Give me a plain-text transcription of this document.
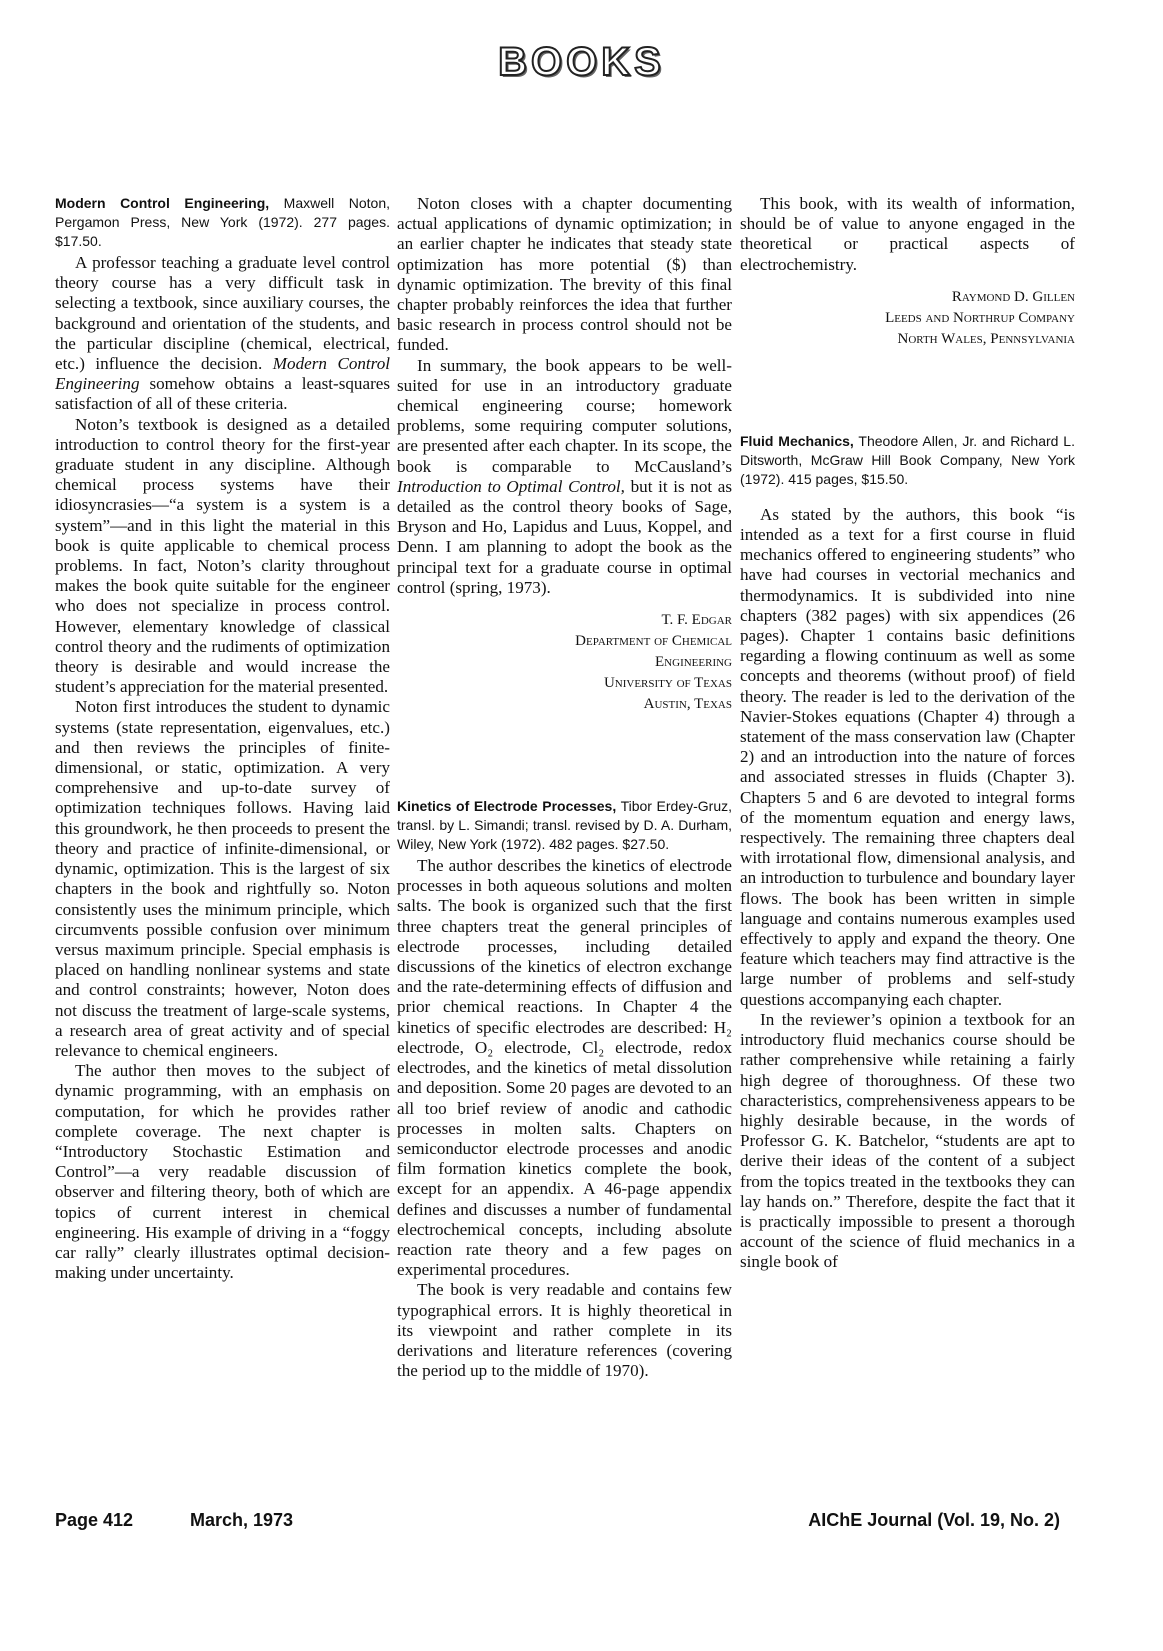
BOOKS

Modern Control Engineering, Maxwell Noton, Pergamon Press, New York (1972). 277 pages. $17.50.

A professor teaching a graduate level control theory course has a very difficult task in selecting a textbook, since auxiliary courses, the background and orientation of the students, and the particular discipline (chemical, electrical, etc.) influence the decision. Modern Control Engineering somehow obtains a least-squares satisfaction of all of these criteria.

Noton’s textbook is designed as a detailed introduction to control theory for the first-year graduate student in any discipline. Although chemical process systems have their idiosyncrasies—“a system is a system is a system”—and in this light the material in this book is quite applicable to chemical process problems. In fact, Noton’s clarity throughout makes the book quite suitable for the engineer who does not specialize in process control. However, elementary knowledge of classical control theory and the rudiments of optimization theory is desirable and would increase the student’s appreciation for the material presented.

Noton first introduces the student to dynamic systems (state representation, eigenvalues, etc.) and then reviews the principles of finite-dimensional, or static, optimization. A very comprehensive and up-to-date survey of optimization techniques follows. Having laid this groundwork, he then proceeds to present the theory and practice of infinite-dimensional, or dynamic, optimization. This is the largest of six chapters in the book and rightfully so. Noton consistently uses the minimum principle, which circumvents possible confusion over minimum versus maximum principle. Special emphasis is placed on handling nonlinear systems and state and control constraints; however, Noton does not discuss the treatment of large-scale systems, a research area of great activity and of special relevance to chemical engineers.

The author then moves to the subject of dynamic programming, with an emphasis on computation, for which he provides rather complete coverage. The next chapter is “Introductory Stochastic Estimation and Control”—a very readable discussion of observer and filtering theory, both of which are topics of current interest in chemical engineering. His example of driving in a “foggy car rally” clearly illustrates optimal decision-making under uncertainty.

Noton closes with a chapter documenting actual applications of dynamic optimization; in an earlier chapter he indicates that steady state optimization has more potential ($) than dynamic optimization. The brevity of this final chapter probably reinforces the idea that further basic research in process control should not be funded.

In summary, the book appears to be well-suited for use in an introductory graduate chemical engineering course; homework problems, some requiring computer solutions, are presented after each chapter. In its scope, the book is comparable to McCausland’s Introduction to Optimal Control, but it is not as detailed as the control theory books of Sage, Bryson and Ho, Lapidus and Luus, Koppel, and Denn. I am planning to adopt the book as the principal text for a graduate course in optimal control (spring, 1973).

T. F. Edgar

Department of Chemical

Engineering

University of Texas

Austin, Texas

Kinetics of Electrode Processes, Tibor Erdey-Gruz, transl. by L. Simandi; transl. revised by D. A. Durham, Wiley, New York (1972). 482 pages. $27.50.

The author describes the kinetics of electrode processes in both aqueous solutions and molten salts. The book is organized such that the first three chapters treat the general principles of electrode processes, including detailed discussions of the kinetics of electron exchange and the rate-determining effects of diffusion and prior chemical reactions. In Chapter 4 the kinetics of specific electrodes are described: H₂ electrode, O₂ electrode, Cl₂ electrode, redox electrodes, and the kinetics of metal dissolution and deposition. Some 20 pages are devoted to an all too brief review of anodic and cathodic processes in molten salts. Chapters on semiconductor electrode processes and anodic film formation kinetics complete the book, except for an appendix. A 46-page appendix defines and discusses a number of fundamental electrochemical concepts, including absolute reaction rate theory and a few pages on experimental procedures.

The book is very readable and contains few typographical errors. It is highly theoretical in its viewpoint and rather complete in its derivations and literature references (covering the period up to the middle of 1970).

This book, with its wealth of information, should be of value to anyone engaged in the theoretical or practical aspects of electrochemistry.

Raymond D. Gillen

Leeds and Northrup Company

North Wales, Pennsylvania

Fluid Mechanics, Theodore Allen, Jr. and Richard L. Ditsworth, McGraw Hill Book Company, New York (1972). 415 pages, $15.50.

As stated by the authors, this book “is intended as a text for a first course in fluid mechanics offered to engineering students” who have had courses in vectorial mechanics and thermodynamics. It is subdivided into nine chapters (382 pages) with six appendices (26 pages). Chapter 1 contains basic definitions regarding a flowing continuum as well as some concepts and theorems (without proof) of field theory. The reader is led to the derivation of the Navier-Stokes equations (Chapter 4) through a statement of the mass conservation law (Chapter 2) and an introduction into the nature of forces and associated stresses in fluids (Chapter 3). Chapters 5 and 6 are devoted to integral forms of the momentum equation and energy laws, respectively. The remaining three chapters deal with irrotational flow, dimensional analysis, and an introduction to turbulence and boundary layer flows. The book has been written in simple language and contains numerous examples used effectively to apply and expand the theory. One feature which teachers may find attractive is the large number of problems and self-study questions accompanying each chapter.

In the reviewer’s opinion a textbook for an introductory fluid mechanics course should be rather comprehensive while retaining a fairly high degree of thoroughness. Of these two characteristics, comprehensiveness appears to be highly desirable because, in the words of Professor G. K. Batchelor, “students are apt to derive their ideas of the content of a subject from the topics treated in the textbooks they can lay hands on.” Therefore, despite the fact that it is practically impossible to present a thorough account of the science of fluid mechanics in a single book of

Page 412	March, 1973	AIChE Journal (Vol. 19, No. 2)
